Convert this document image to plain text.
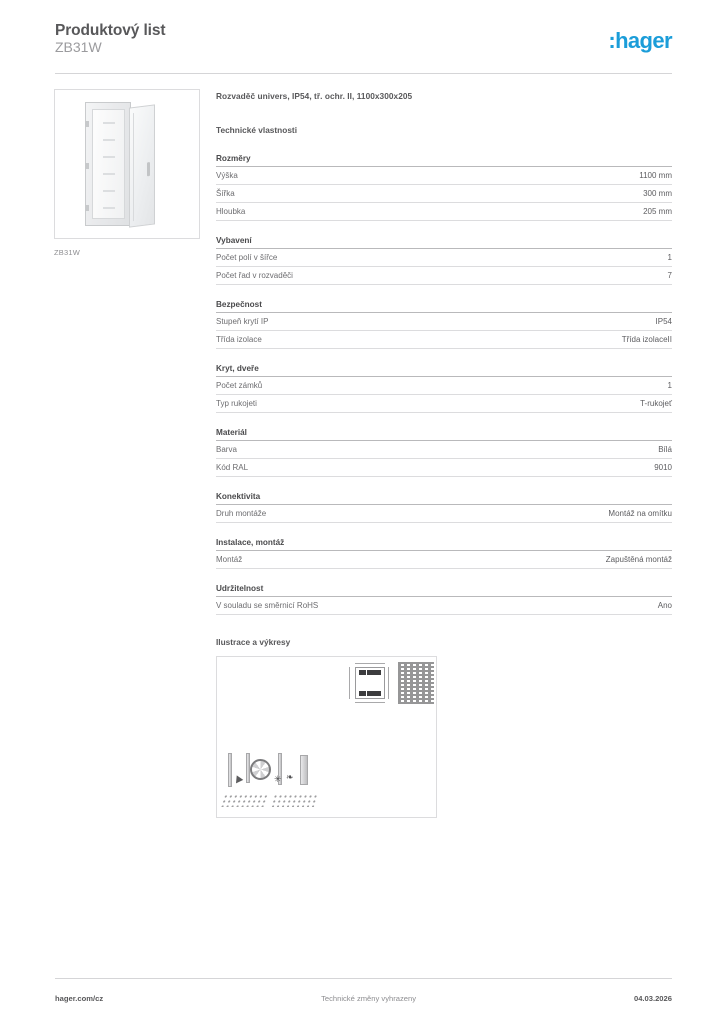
Produktový list
ZB31W	:hager
ZB31W
Rozvaděč univers, IP54, tř. ochr. II, 1100x300x205
Technické vlastnosti
Rozměry
Výška	1100 mm
Šířka	300 mm
Hloubka	205 mm
Vybavení
Počet polí v šířce	1
Počet řad v rozvaděči	7
Bezpečnost
Stupeň krytí IP	IP54
Třída izolace	Třída izolaceII
Kryt, dveře
Počet zámků	1
Typ rukojeti	T-rukojeť
Materiál
Barva	Bílá
Kód RAL	9010
Konektivita
Druh montáže	Montáž na omítku
Instalace, montáž
Montáž	Zapuštěná montáž
Udržitelnost
V souladu se směrnicí RoHS	Ano
Ilustrace a výkresy
✳ ❧
hager.com/cz	Technické změny vyhrazeny	04.03.2026
